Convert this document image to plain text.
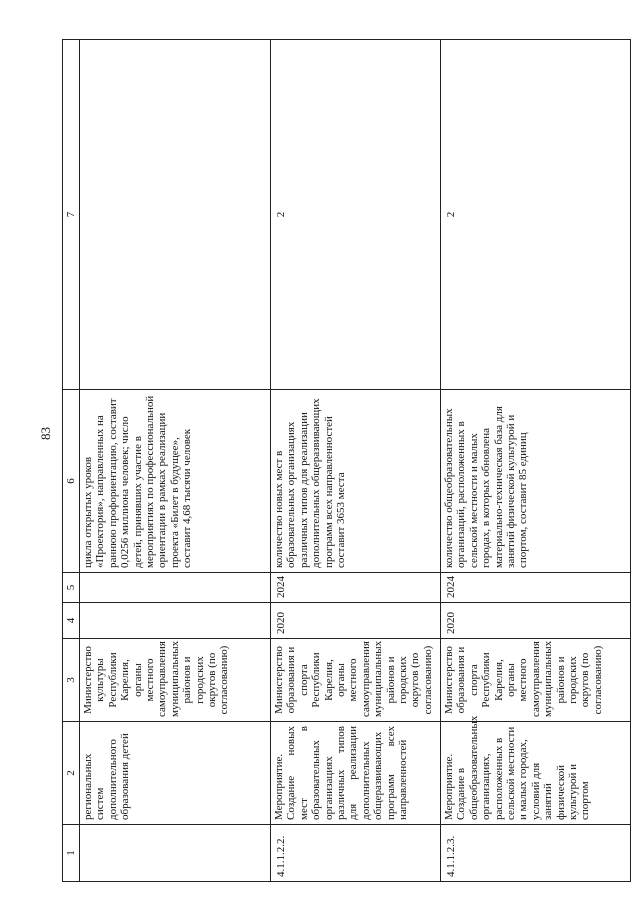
83
1	2	3	4	5	6	7
	региональных систем дополнительного образования детей	Министерство культуры Республики Карелия, органы местного самоуправления муниципальных районов и городских округов (по согласованию)			цикла открытых уроков «Проектория», направленных на раннюю профориентацию, составит 0,0256 миллиона человек; число детей, принявших участие в мероприятиях по профессиональной ориентации в рамках реализации проекта «Билет в будущее», составит 4,68 тысячи человек	
4.1.1.2.2.	Мероприятие. Создание новых мест в образовательных организациях различных типов для реализации дополнительных общеразвивающих программ всех направленностей	Министерство образования и спорта Республики Карелия, органы местного самоуправления муниципальных районов и городских округов (по согласованию)	2020	2024	количество новых мест в образовательных организациях различных типов для реализации дополнительных общеразвивающих программ всех направленностей составит 3653 места	2
4.1.1.2.3.	Мероприятие. Создание в общеобразовательных организациях, расположенных в сельской местности и малых городах, условий для занятий физической культурой и спортом	Министерство образования и спорта Республики Карелия, органы местного самоуправления муниципальных районов и городских округов (по согласованию)	2020	2024	количество общеобразовательных организаций, расположенных в сельской местности и малых городах, в которых обновлена материально-техническая база для занятий физической культурой и спортом, составит 85 единиц	2
